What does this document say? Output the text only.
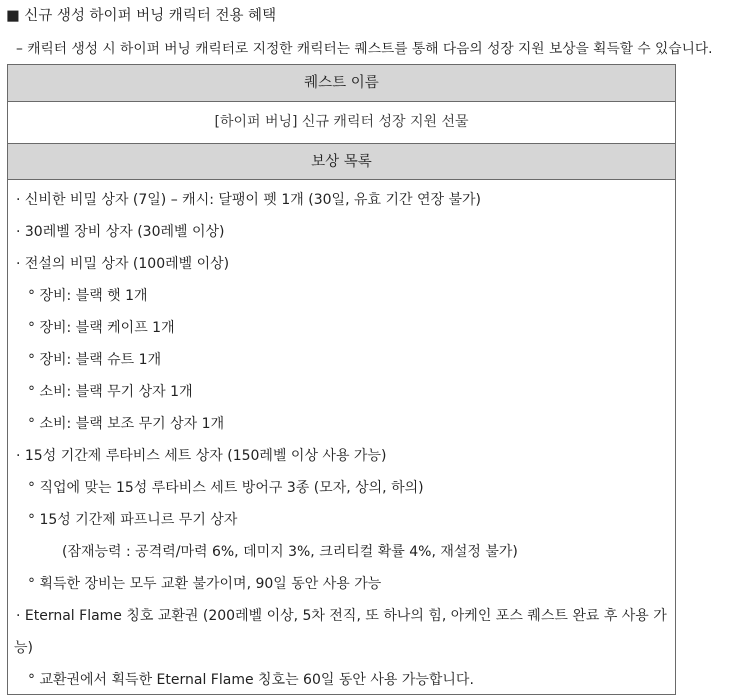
■ 신규 생성 하이퍼 버닝 캐릭터 전용 혜택
– 캐릭터 생성 시 하이퍼 버닝 캐릭터로 지정한 캐릭터는 퀘스트를 통해 다음의 성장 지원 보상을 획득할 수 있습니다.
퀘스트 이름
[하이퍼 버닝] 신규 캐릭터 성장 지원 선물
보상 목록
· 신비한 비밀 상자 (7일) – 캐시: 달팽이 펫 1개 (30일, 유효 기간 연장 불가)
· 30레벨 장비 상자 (30레벨 이상)
· 전설의 비밀 상자 (100레벨 이상)
° 장비: 블랙 햇 1개
° 장비: 블랙 케이프 1개
° 장비: 블랙 슈트 1개
° 소비: 블랙 무기 상자 1개
° 소비: 블랙 보조 무기 상자 1개
· 15성 기간제 루타비스 세트 상자 (150레벨 이상 사용 가능)
° 직업에 맞는 15성 루타비스 세트 방어구 3종 (모자, 상의, 하의)
° 15성 기간제 파프니르 무기 상자
(잠재능력 : 공격력/마력 6%, 데미지 3%, 크리티컬 확률 4%, 재설정 불가)
° 획득한 장비는 모두 교환 불가이며, 90일 동안 사용 가능
· Eternal Flame 칭호 교환권 (200레벨 이상, 5차 전직, 또 하나의 힘, 아케인 포스 퀘스트 완료 후 사용 가
능)
° 교환권에서 획득한 Eternal Flame 칭호는 60일 동안 사용 가능합니다.
